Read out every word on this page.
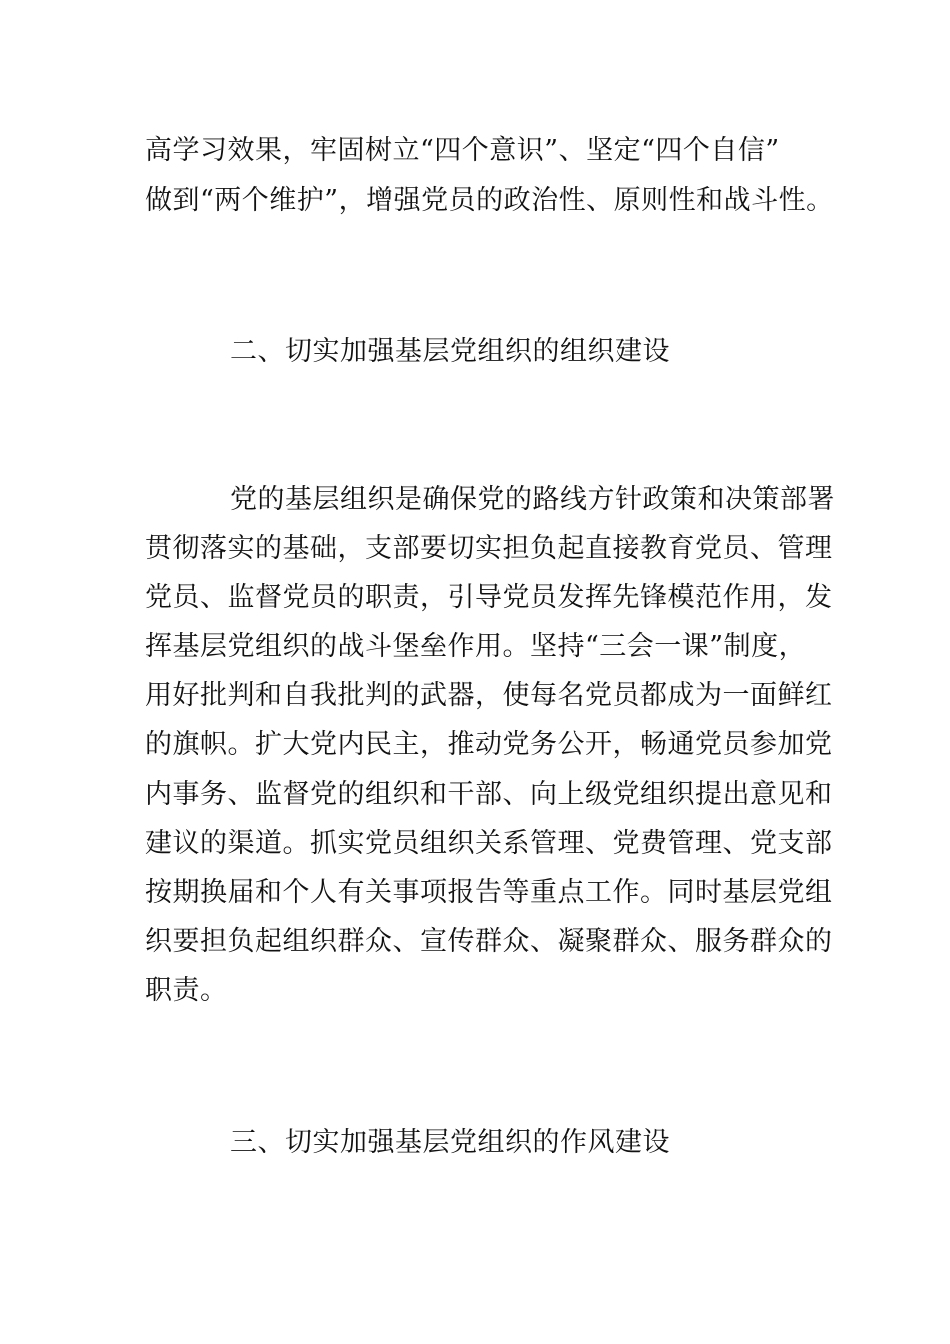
高学习效果，牢固树立“四个意识”、坚定“四个自信”
做到“两个维护”，增强党员的政治性、原则性和战斗性。
二、切实加强基层党组织的组织建设
党的基层组织是确保党的路线方针政策和决策部署
贯彻落实的基础，支部要切实担负起直接教育党员、管理
党员、监督党员的职责，引导党员发挥先锋模范作用，发
挥基层党组织的战斗堡垒作用。坚持“三会一课”制度，
用好批判和自我批判的武器，使每名党员都成为一面鲜红
的旗帜。扩大党内民主，推动党务公开，畅通党员参加党
内事务、监督党的组织和干部、向上级党组织提出意见和
建议的渠道。抓实党员组织关系管理、党费管理、党支部
按期换届和个人有关事项报告等重点工作。同时基层党组
织要担负起组织群众、宣传群众、凝聚群众、服务群众的
职责。
三、切实加强基层党组织的作风建设
